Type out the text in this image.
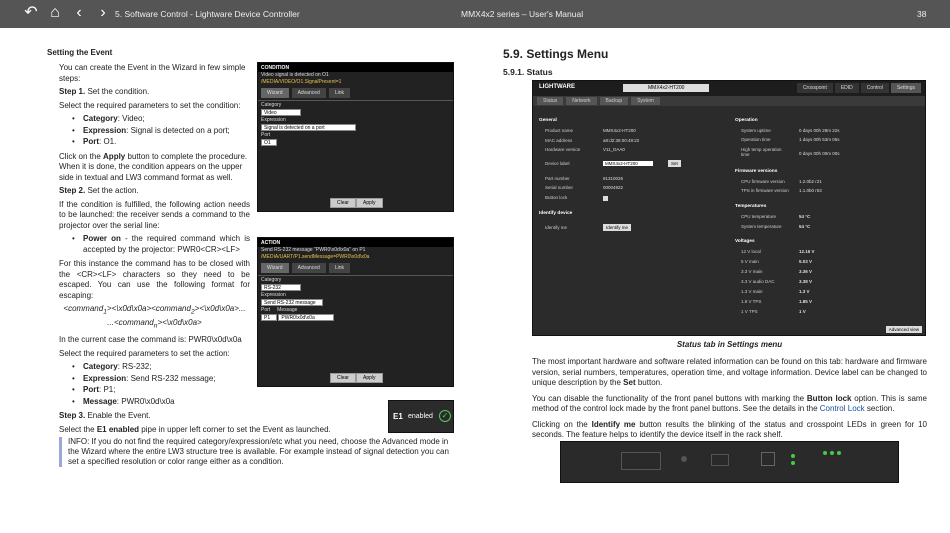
↶ ⌂	‹	›	5. Software Control - Lightware Device Controller	MMX4x2 series – User's Manual	38
Setting the Event

You can create the Event in the Wizard in few simple steps:

Step 1. Set the condition.

Select the required parameters to set the condition:

• Category: Video;
• Expression: Signal is detected on a port;
• Port: O1.

Click on the Apply button to complete the procedure. When it is done, the condition appears on the upper side in textual and LW3 command format as well.

Step 2. Set the action.

If the condition is fulfilled, the following action needs to be launched: the receiver sends a command to the projector over the serial line:

• Power on - the required command which is accepted by the projector: PWR0<CR><LF>

For this instance the command has to be closed with the <CR><LF> characters so they need to be escaped. You can use the following format for escaping:

<command$_1$><\x0d\x0a><command$_2$><\x0d\x0a>...
...<command$_n$><\x0d\x0a>

In the current case the command is: PWR0\x0d\x0a

Select the required parameters to set the action:

• Category: RS-232;
• Expression: Send RS-232 message;
• Port: P1;
• Message: PWR0\x0d\x0a

Step 3. Enable the Event.

Select the E1 enabled pipe in upper left corner to set the Event as launched.

INFO: If you do not find the required category/expression/etc what you need, choose the Advanced mode in the Wizard where the entire LW3 structure tree is available. For example instead of signal detection you can set a specified resolution or color range either as a condition.
CONDITION
Video signal is detected on O1
/MEDIA/VIDEO/O1.SignalPresent=1
Wizard	Advanced	Link
Category
Video
Expression
Signal is detected on a port
Port
O1
Clear	Apply
ACTION
Send RS-232 message "PWR0\x0d\x0a" on P1
/MEDIA/UART/P1.sendMessage=PWR0\x0d\x0a
Wizard	Advanced	Link
Category
RS-232
Expression
Send RS-232 message
Port Message
P1 PWR0\x0d\x0a
Clear	Apply
E1 enabled	✓
5.9. Settings Menu
5.9.1. Status
LIGHTWARE	MMX4x2-HT200	Crosspoint	EDID	Control	Settings
Status	Network	Backup	System
General
Product name	MMX4x2-HT200
MAC address	a8:d2:36:00:49:22
Hardware version	V11_DAA0
Device label	MMX4x2-HT200	Set
Part number	91310026
Serial number	00004922
Button lock
Identify device
Identify me	Identify me
Operation
System uptime	0 days 00h 28m 22s
Operation time	1 days 00h 53m 05s
High temp operation time	0 days 00h 00m 00s
Firmware versions
CPU firmware version	1.2.0b2 r21
TPS in firmware version 1.1.0b0 r63
Temperatures
CPU temperature	54 °C
System temperature	54 °C
Voltages
12 V local	12.16 V
5 V main	5.03 V
3.3 V main	3.36 V
3.3 V audio DAC	3.38 V
1.3 V main	1.3 V
1.8 V TPS	1.85 V
1 V TPS	1 V
Advanced view
Status tab in Settings menu

The most important hardware and software related information can be found on this tab: hardware and firmware version, serial numbers, temperatures, operation time, and voltage information. Device label can be changed to unique description by the Set button.

You can disable the functionality of the front panel buttons with marking the Button lock option. This is same method of the control lock made by the front panel buttons. See the details in the Control Lock section.

Clicking on the Identify me button results the blinking of the status and crosspoint LEDs in green for 10 seconds. The feature helps to identify the device itself in the rack shelf.
